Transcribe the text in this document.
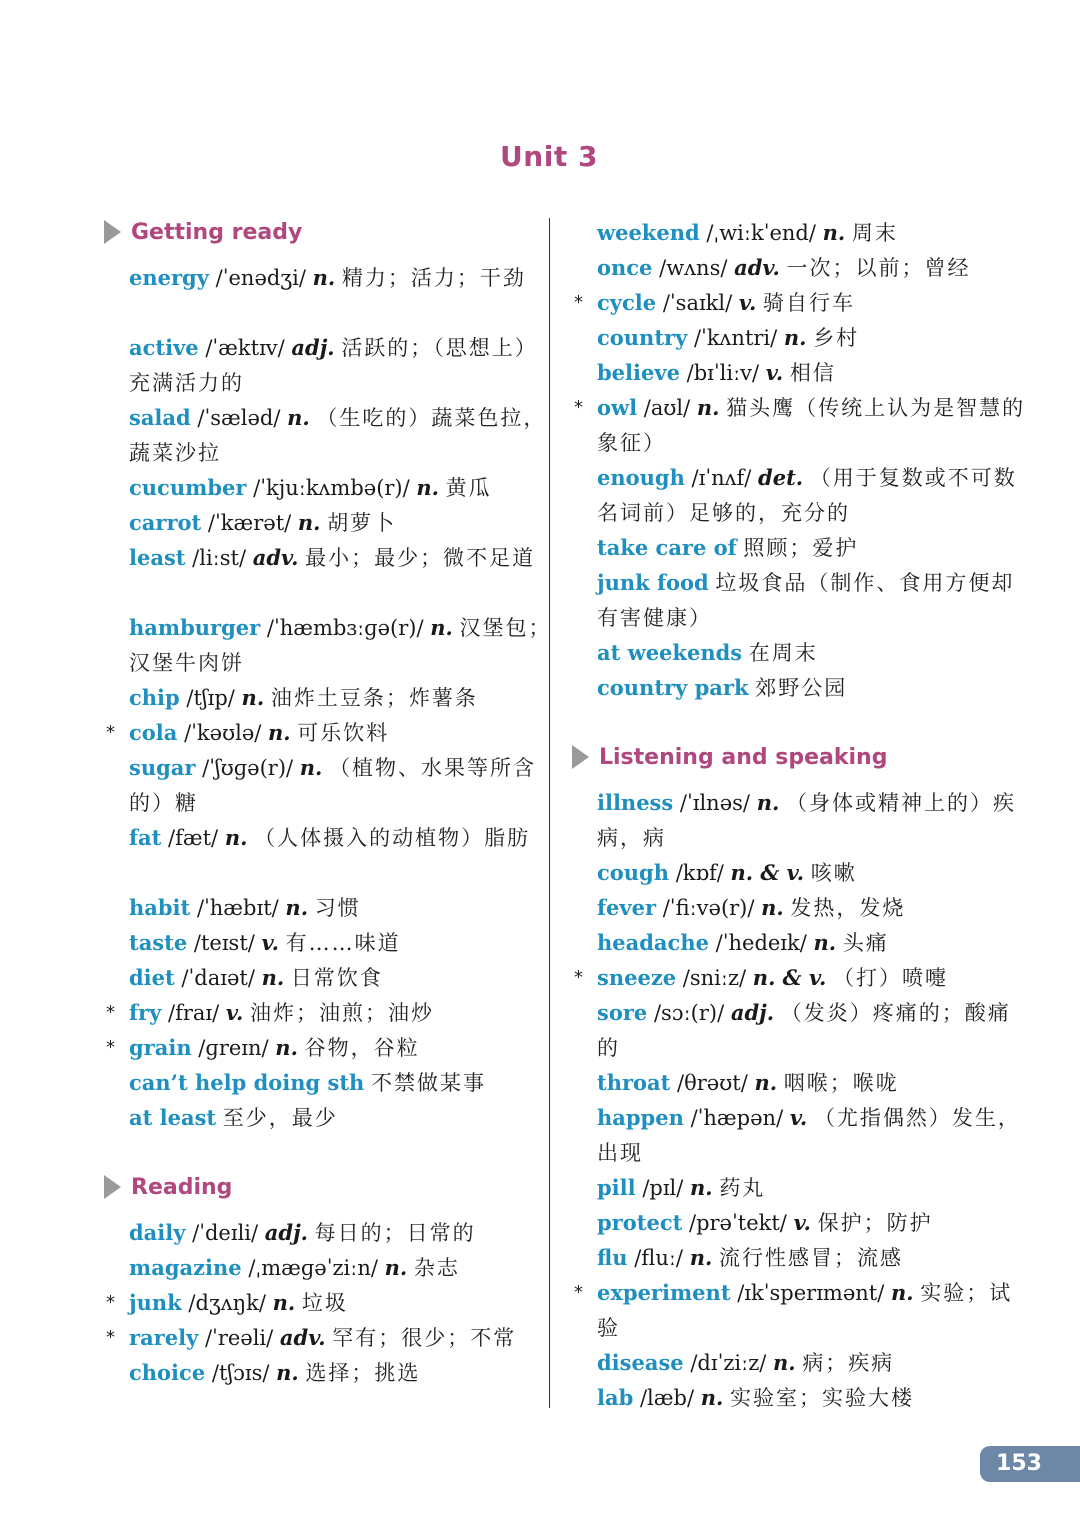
Unit 3
Getting ready
Reading
energy /ˈenədʒi/ n. 精力；活力；干劲
active /ˈæktɪv/ adj. 活跃的；（思想上）充满活力的
salad /ˈsæləd/ n. （生吃的）蔬菜色拉，蔬菜沙拉
cucumber /ˈkjuːkʌmbə(r)/ n. 黄瓜
carrot /ˈkærət/ n. 胡萝卜
least /liːst/ adv. 最小；最少；微不足道
hamburger /ˈhæmbɜːɡə(r)/ n. 汉堡包；汉堡牛肉饼
chip /tʃɪp/ n. 油炸土豆条；炸薯条
* cola /ˈkəʊlə/ n. 可乐饮料
sugar /ˈʃʊɡə(r)/ n. （植物、水果等所含的）糖
fat /fæt/ n. （人体摄入的动植物）脂肪
habit /ˈhæbɪt/ n. 习惯
taste /teɪst/ v. 有……味道
diet /ˈdaɪət/ n. 日常饮食
* fry /fraɪ/ v. 油炸；油煎；油炒
* grain /ɡreɪn/ n. 谷物，谷粒
can’t help doing sth 不禁做某事
at least 至少，最少
daily /ˈdeɪli/ adj. 每日的；日常的
magazine /ˌmæɡəˈziːn/ n. 杂志
* junk /dʒʌŋk/ n. 垃圾
* rarely /ˈreəli/ adv. 罕有；很少；不常
choice /tʃɔɪs/ n. 选择；挑选
Listening and speaking
weekend /ˌwiːkˈend/ n. 周末
once /wʌns/ adv. 一次；以前；曾经
* cycle /ˈsaɪkl/ v. 骑自行车
country /ˈkʌntri/ n. 乡村
believe /bɪˈliːv/ v. 相信
* owl /aʊl/ n. 猫头鹰（传统上认为是智慧的象征）
enough /ɪˈnʌf/ det. （用于复数或不可数名词前）足够的，充分的
take care of 照顾；爱护
junk food 垃圾食品（制作、食用方便却有害健康）
at weekends 在周末
country park 郊野公园
illness /ˈɪlnəs/ n. （身体或精神上的）疾病，病
cough /kɒf/ n. & v. 咳嗽
fever /ˈfiːvə(r)/ n. 发热，发烧
headache /ˈhedeɪk/ n. 头痛
* sneeze /sniːz/ n. & v. （打）喷嚏
sore /sɔː(r)/ adj. （发炎）疼痛的；酸痛的
throat /θrəʊt/ n. 咽喉；喉咙
happen /ˈhæpən/ v. （尤指偶然）发生，出现
pill /pɪl/ n. 药丸
protect /prəˈtekt/ v. 保护；防护
flu /fluː/ n. 流行性感冒；流感
* experiment /ɪkˈsperɪmənt/ n. 实验；试验
disease /dɪˈziːz/ n. 病；疾病
lab /læb/ n. 实验室；实验大楼
153
